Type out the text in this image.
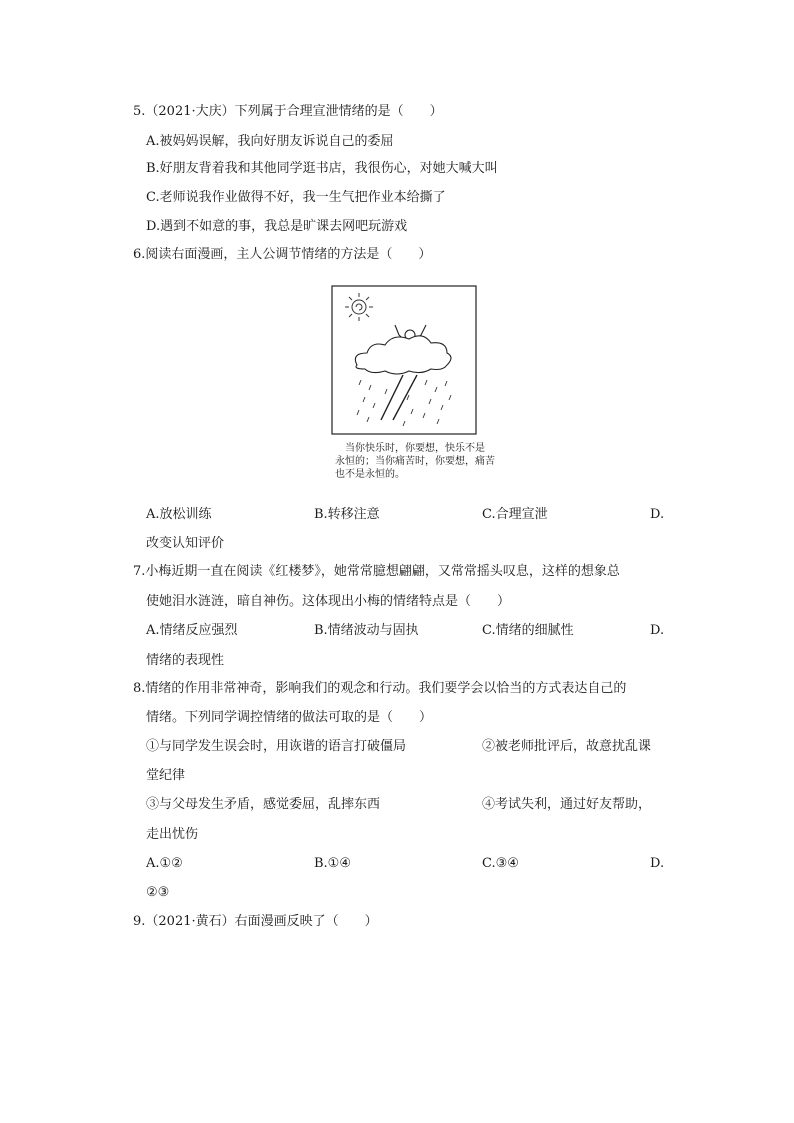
5.（2021·大庆）下列属于合理宣泄情绪的是（　　）
A.被妈妈误解，我向好朋友诉说自己的委屈
B.好朋友背着我和其他同学逛书店，我很伤心，对她大喊大叫
C.老师说我作业做得不好，我一生气把作业本给撕了
D.遇到不如意的事，我总是旷课去网吧玩游戏
6.阅读右面漫画，主人公调节情绪的方法是（　　）
当你快乐时，你要想，快乐不是
永恒的；当你痛苦时，你要想，痛苦
也不是永恒的。
A.放松训练	B.转移注意	C.合理宣泄	D.
改变认知评价
7.小梅近期一直在阅读《红楼梦》，她常常臆想翩翩，又常常摇头叹息，这样的想象总
使她泪水涟涟，暗自神伤。这体现出小梅的情绪特点是（　　）
A.情绪反应强烈	B.情绪波动与固执	C.情绪的细腻性	D.
情绪的表现性
8.情绪的作用非常神奇，影响我们的观念和行动。我们要学会以恰当的方式表达自己的
情绪。下列同学调控情绪的做法可取的是（　　）
①与同学发生误会时，用诙谐的语言打破僵局	②被老师批评后，故意扰乱课
堂纪律
③与父母发生矛盾，感觉委屈，乱摔东西	④考试失利，通过好友帮助，
走出忧伤
A.①②	B.①④	C.③④	D.
②③
9.（2021·黄石）右面漫画反映了（　　）
